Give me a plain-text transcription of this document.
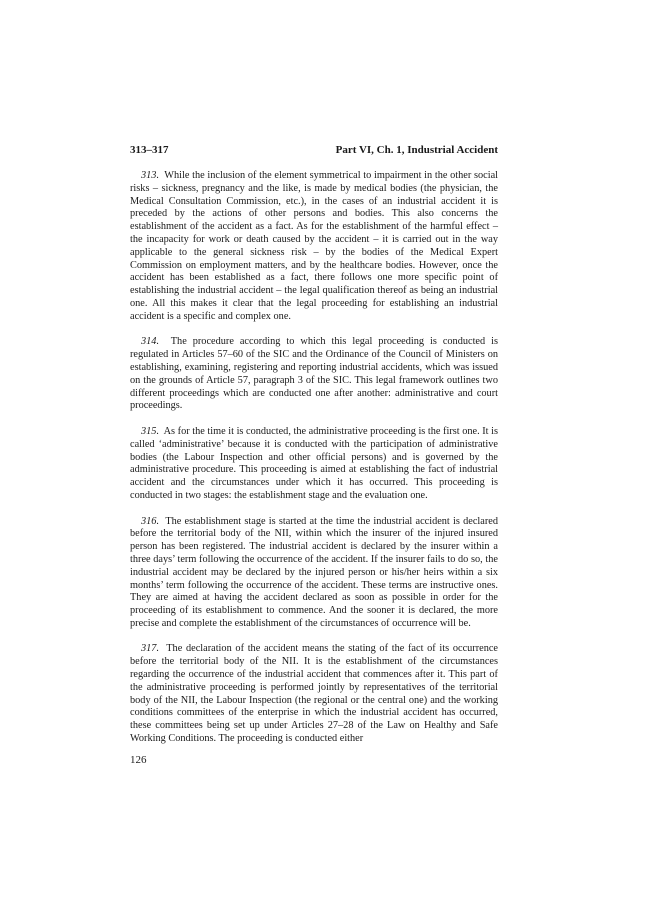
313–317	Part VI, Ch. 1, Industrial Accident

313. While the inclusion of the element symmetrical to impairment in the other social risks – sickness, pregnancy and the like, is made by medical bodies (the physician, the Medical Consultation Commission, etc.), in the cases of an industrial accident it is preceded by the actions of other persons and bodies. This also concerns the establishment of the accident as a fact. As for the establishment of the harmful effect – the incapacity for work or death caused by the accident – it is carried out in the way applicable to the general sickness risk – by the bodies of the Medical Expert Commission on employment matters, and by the healthcare bodies. However, once the accident has been established as a fact, there follows one more specific point of establishing the industrial accident – the legal qualification thereof as being an industrial one. All this makes it clear that the legal proceeding for establishing an industrial accident is a specific and complex one.

314. The procedure according to which this legal proceeding is conducted is regulated in Articles 57–60 of the SIC and the Ordinance of the Council of Ministers on establishing, examining, registering and reporting industrial accidents, which was issued on the grounds of Article 57, paragraph 3 of the SIC. This legal framework outlines two different proceedings which are conducted one after another: administrative and court proceedings.

315. As for the time it is conducted, the administrative proceeding is the first one. It is called ‘administrative’ because it is conducted with the participation of administrative bodies (the Labour Inspection and other official persons) and is governed by the administrative procedure. This proceeding is aimed at establishing the fact of industrial accident and the circumstances under which it has occurred. This proceeding is conducted in two stages: the establishment stage and the evaluation one.

316. The establishment stage is started at the time the industrial accident is declared before the territorial body of the NII, within which the insurer of the injured insured person has been registered. The industrial accident is declared by the insurer within a three days’ term following the occurrence of the accident. If the insurer fails to do so, the industrial accident may be declared by the injured person or his/her heirs within a six months’ term following the occurrence of the accident. These terms are instructive ones. They are aimed at having the accident declared as soon as possible in order for the proceeding of its establishment to commence. And the sooner it is declared, the more precise and complete the establishment of the circumstances of occurrence will be.

317. The declaration of the accident means the stating of the fact of its occurrence before the territorial body of the NII. It is the establishment of the circumstances regarding the occurrence of the industrial accident that commences after it. This part of the administrative proceeding is performed jointly by representatives of the territorial body of the NII, the Labour Inspection (the regional or the central one) and the working conditions committees of the enterprise in which the industrial accident has occurred, these committees being set up under Articles 27–28 of the Law on Healthy and Safe Working Conditions. The proceeding is conducted either

126
